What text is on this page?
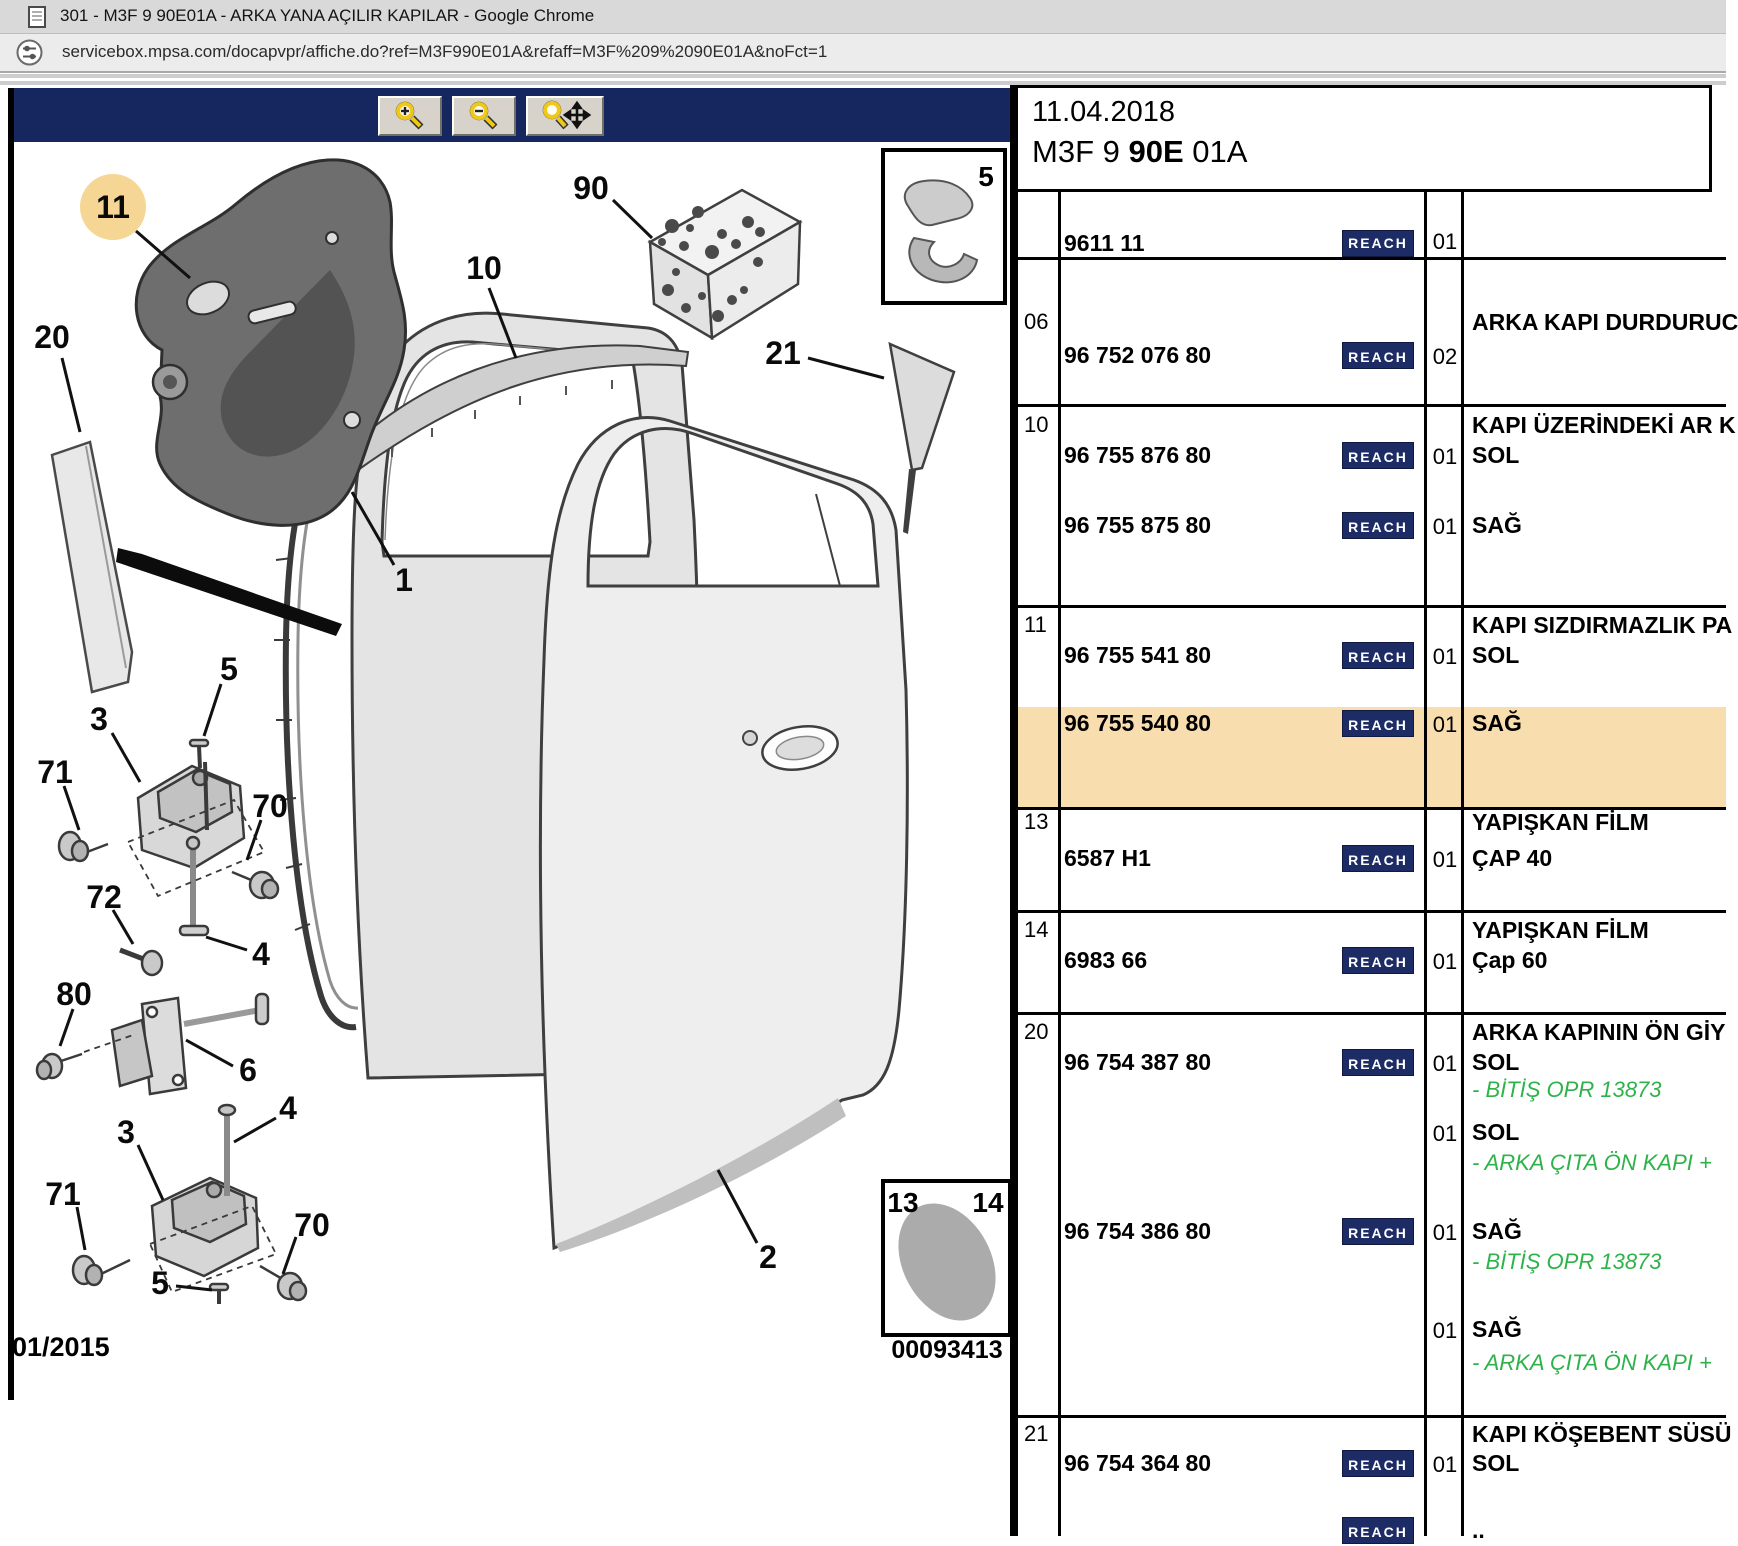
301 - M3F 9 90E01A - ARKA YANA AÇILIR KAPILAR - Google Chrome
servicebox.mpsa.com/docapvpr/affiche.do?ref=M3F990E01A&refaff=M3F%209%2090E01A&noFct=1
5
13 14
01/2015	00093413
11
20
90
10
21
1
3
5
71
70
72
4
80
6
3
4
71
70
5
2
11.04.2018
M3F 9 90E 01A
9611 11	REACH 01
06	ARKA KAPI DURDURUC
96 752 076 80	REACH 02
10	KAPI ÜZERİNDEKİ AR K
96 755 876 80	REACH 01 SOL
96 755 875 80	REACH 01 SAĞ
11	KAPI SIZDIRMAZLIK PA
96 755 541 80	REACH 01 SOL
96 755 540 80	REACH 01 SAĞ
13	YAPIŞKAN FİLM
6587 H1	REACH 01 ÇAP 40
14	YAPIŞKAN FİLM
6983 66	REACH 01 Çap 60
20	ARKA KAPININ ÖN GİY
96 754 387 80	REACH 01 SOL
- BİTİŞ OPR 13873
01 SOL
- ARKA ÇITA ÖN KAPI +
96 754 386 80	REACH 01 SAĞ
- BİTİŞ OPR 13873
01 SAĞ
- ARKA ÇITA ÖN KAPI +
21	KAPI KÖŞEBENT SÜSÜ
96 754 364 80	REACH 01 SOL
REACH	..
